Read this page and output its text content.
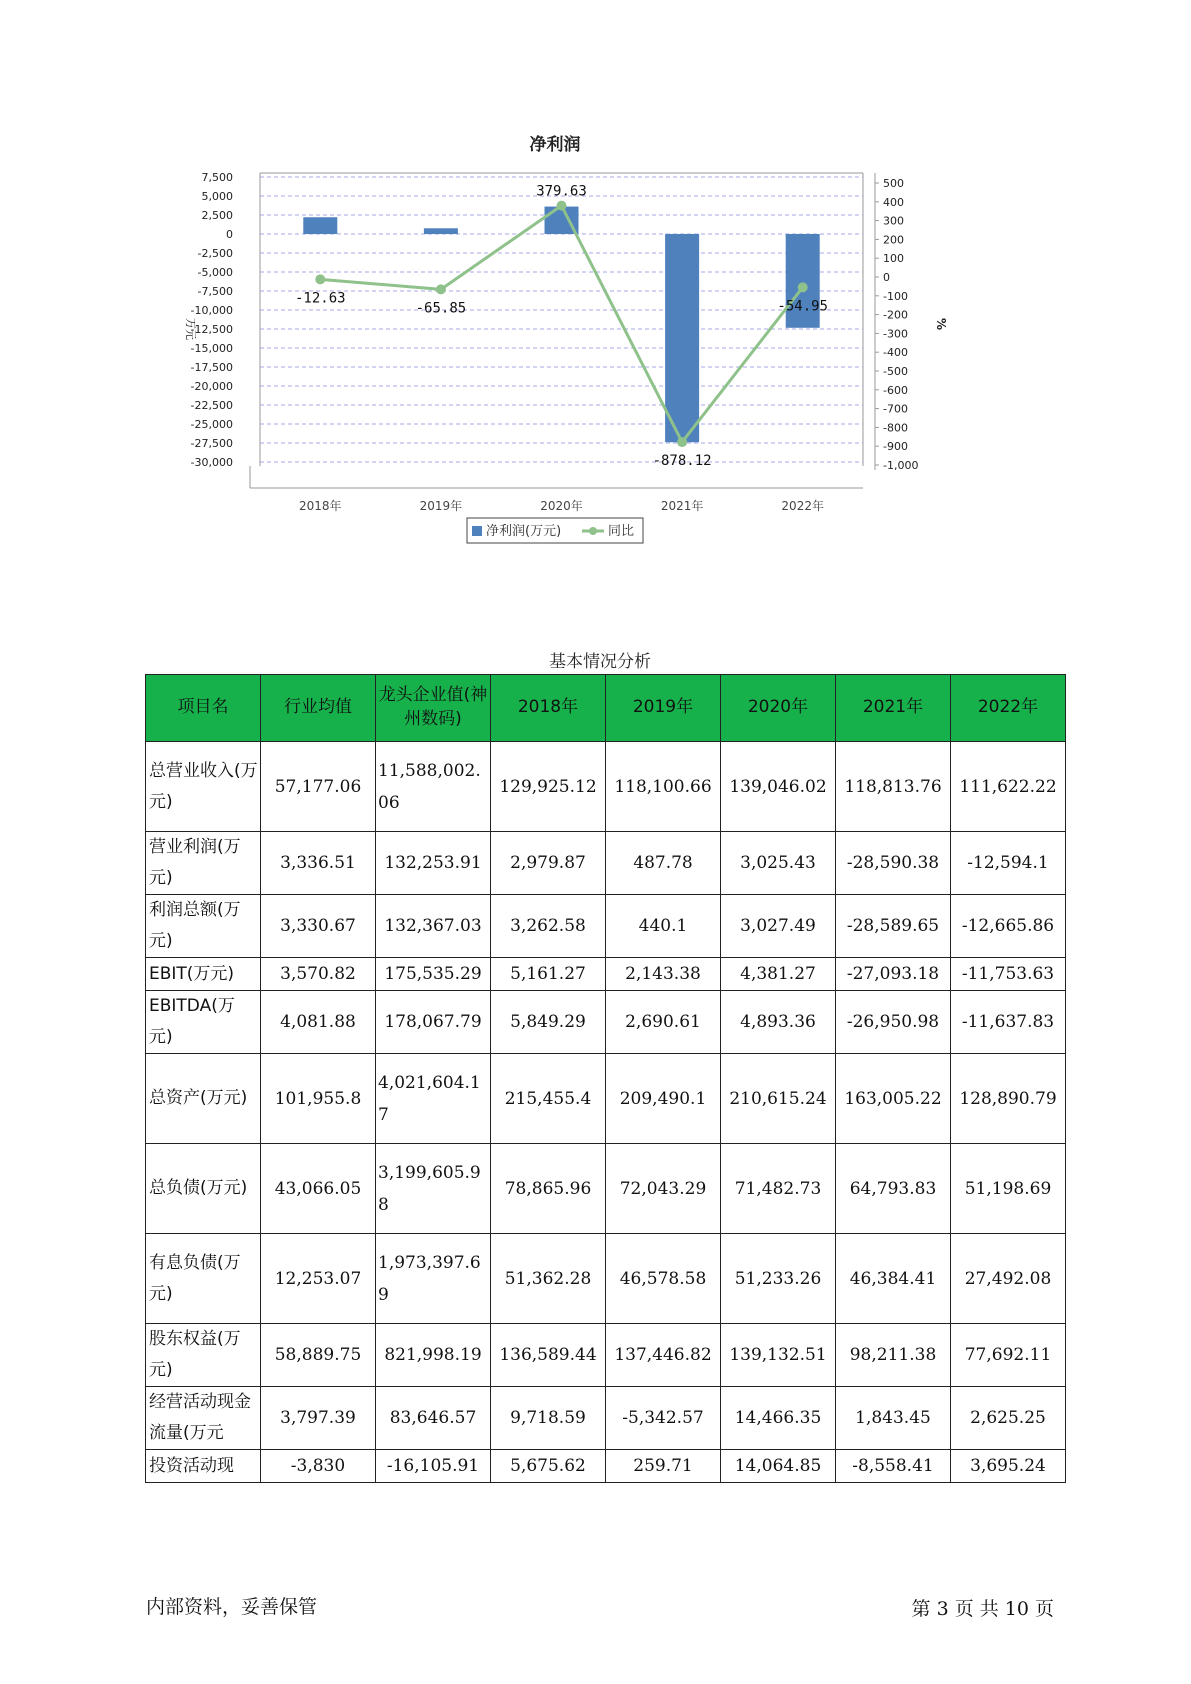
净利润
7,500
5,000
2,500
0
-2,500
-5,000
-7,500
-10,000
-12,500
-15,000
-17,500
-20,000
-22,500
-25,000
-27,500
-30,000
500
400
300
200
100
0
-100
-200
-300
-400
-500
-600
-700
-800
-900
-1,000
万元	%
2018年	2019年	2020年	2021年	2022年
-12.63
-65.85
379.63
-878.12
-54.95
净利润(万元)	同比
基本情况分析
项目名	行业均值	龙头企业值(神州数码)	2018年	2019年	2020年	2021年	2022年
总营业收入(万元)	57,177.06	11,588,002.06	129,925.12	118,100.66	139,046.02	118,813.76	111,622.22
营业利润(万元)	3,336.51	132,253.91	2,979.87	487.78	3,025.43	-28,590.38	-12,594.1
利润总额(万元)	3,330.67	132,367.03	3,262.58	440.1	3,027.49	-28,589.65	-12,665.86
EBIT(万元)	3,570.82	175,535.29	5,161.27	2,143.38	4,381.27	-27,093.18	-11,753.63
EBITDA(万元)	4,081.88	178,067.79	5,849.29	2,690.61	4,893.36	-26,950.98	-11,637.83
总资产(万元)	101,955.8	4,021,604.17	215,455.4	209,490.1	210,615.24	163,005.22	128,890.79
总负债(万元)	43,066.05	3,199,605.98	78,865.96	72,043.29	71,482.73	64,793.83	51,198.69
有息负债(万元)	12,253.07	1,973,397.69	51,362.28	46,578.58	51,233.26	46,384.41	27,492.08
股东权益(万元)	58,889.75	821,998.19	136,589.44	137,446.82	139,132.51	98,211.38	77,692.11
经营活动现金流量(万元	3,797.39	83,646.57	9,718.59	-5,342.57	14,466.35	1,843.45	2,625.25
投资活动现	-3,830	-16,105.91	5,675.62	259.71	14,064.85	-8,558.41	3,695.24
内部资料，妥善保管	第 3 页 共 10 页
